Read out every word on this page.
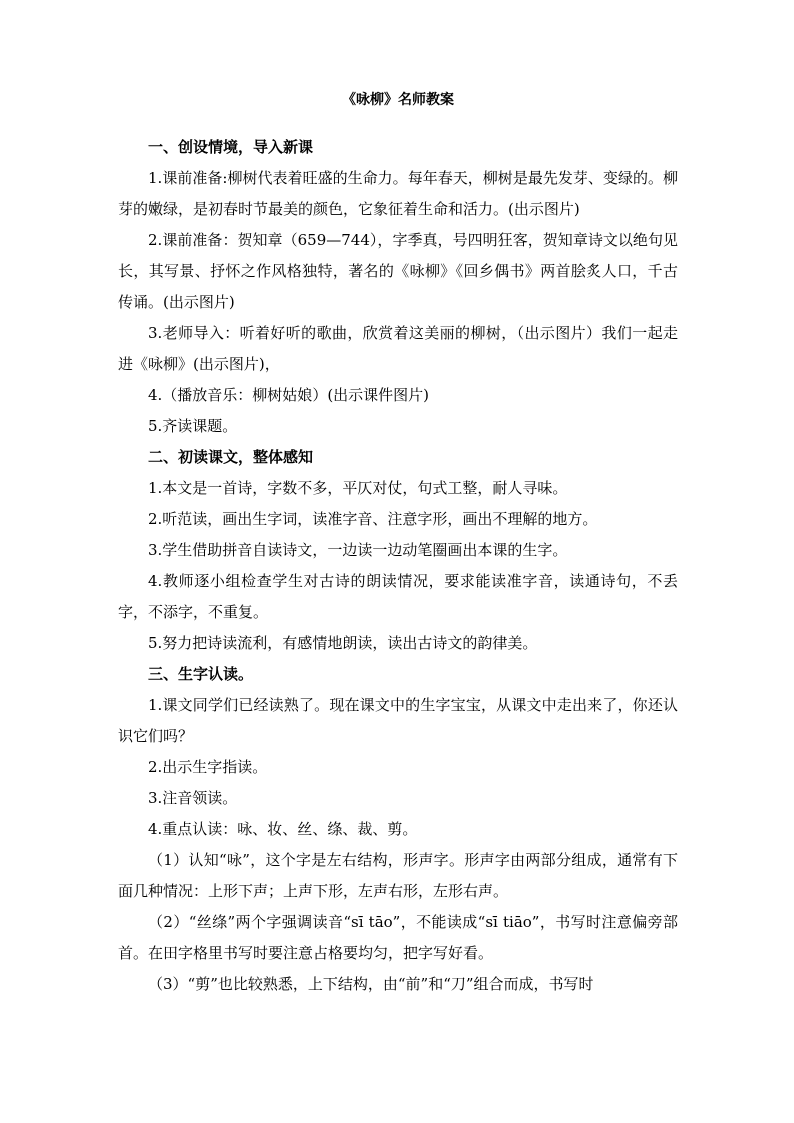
《咏柳》名师教案
一、创设情境，导入新课

1.课前准备:柳树代表着旺盛的生命力。每年春天，柳树是最先发芽、变绿的。柳芽的嫩绿，是初春时节最美的颜色，它象征着生命和活力。(出示图片)

2.课前准备：贺知章（659—744），字季真，号四明狂客，贺知章诗文以绝句见长，其写景、抒怀之作风格独特，著名的《咏柳》《回乡偶书》两首脍炙人口，千古传诵。(出示图片)

3.老师导入：听着好听的歌曲，欣赏着这美丽的柳树，（出示图片）我们一起走进《咏柳》(出示图片)，

4.（播放音乐：柳树姑娘）(出示课件图片)

5.齐读课题。

二、初读课文，整体感知

1.本文是一首诗，字数不多，平仄对仗，句式工整，耐人寻味。

2.听范读，画出生字词，读准字音、注意字形，画出不理解的地方。

3.学生借助拼音自读诗文，一边读一边动笔圈画出本课的生字。

4.教师逐小组检查学生对古诗的朗读情况，要求能读准字音，读通诗句，不丢字，不添字，不重复。

5.努力把诗读流利，有感情地朗读，读出古诗文的韵律美。

三、生字认读。

1.课文同学们已经读熟了。现在课文中的生字宝宝，从课文中走出来了，你还认识它们吗？

2.出示生字指读。

3.注音领读。

4.重点认读：咏、妆、丝、绦、裁、剪。

（1）认知“咏”，这个字是左右结构，形声字。形声字由两部分组成，通常有下面几种情况：上形下声；上声下形，左声右形，左形右声。

（2）“丝绦”两个字强调读音“sī tāo”，不能读成“sī tiāo”，书写时注意偏旁部首。在田字格里书写时要注意占格要均匀，把字写好看。

（3）“剪”也比较熟悉，上下结构，由“前”和“刀”组合而成，书写时
